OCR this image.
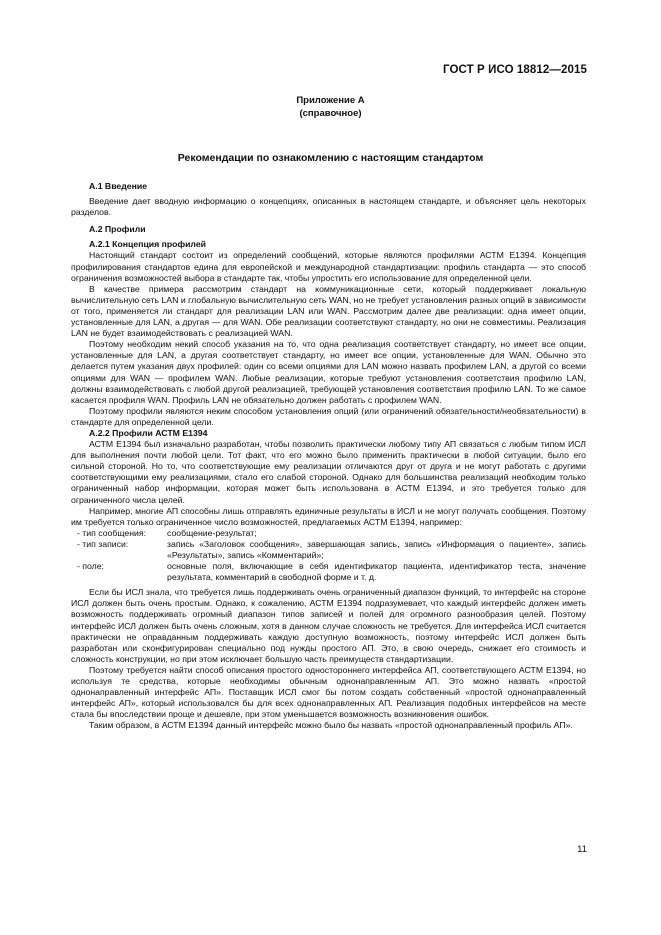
ГОСТ Р ИСО 18812—2015
Приложение А
(справочное)
Рекомендации по ознакомлению с настоящим стандартом

А.1 Введение

Введение дает вводную информацию о концепциях, описанных в настоящем стандарте, и объясняет цель некоторых разделов.

А.2 Профили

А.2.1 Концепция профилей

Настоящий стандарт состоит из определений сообщений, которые являются профилями АСТМ Е1394. Концепция профилирования стандартов едина для европейской и международной стандартизации: профиль стандарта — это способ ограничения возможностей выбора в стандарте так, чтобы упростить его использование для определенной цели.

В качестве примера рассмотрим стандарт на коммуникационные сети, который поддерживает локальную вычислительную сеть LAN и глобальную вычислительную сеть WAN, но не требует установления разных опций в зависимости от того, применяется ли стандарт для реализации LAN или WAN. Рассмотрим далее две реализации: одна имеет опции, установленные для LAN, а другая — для WAN. Обе реализации соответствуют стандарту, но они не совместимы. Реализация LAN не будет взаимодействовать с реализацией WAN.

Поэтому необходим некий способ указания на то, что одна реализация соответствует стандарту, но имеет все опции, установленные для LAN, а другая соответствует стандарту, но имеет все опции, установленные для WAN. Обычно это делается путем указания двух профилей: один со всеми опциями для LAN можно назвать профилем LAN, а другой со всеми опциями для WAN — профилем WAN. Любые реализации, которые требуют установления соответствия профилю LAN, должны взаимодействовать с любой другой реализацией, требующей установления соответствия профилю LAN. То же самое касается профиля WAN. Профиль LAN не обязательно должен работать с профилем WAN.

Поэтому профили являются неким способом установления опций (или ограничений обязательности/необязательности) в стандарте для определенной цели.

А.2.2 Профили АСТМ Е1394

АСТМ Е1394 был изначально разработан, чтобы позволить практически любому типу АП связаться с любым типом ИСЛ для выполнения почти любой цели. Тот факт, что его можно было применить практически в любой ситуации, было его сильной стороной. Но то, что соответствующие ему реализации отличаются друг от друга и не могут работать с другими соответствующими ему реализациями, стало его слабой стороной. Однако для большинства реализаций необходим только ограниченный набор информации, которая может быть использована в АСТМ Е1394, и это требуется только для ограниченного числа целей.

Например, многие АП способны лишь отправлять единичные результаты в ИСЛ и не могут получать сообщения. Поэтому им требуется только ограниченное число возможностей, предлагаемых АСТМ Е1394, например:

- тип сообщения:	сообщение-результат;
- тип записи:	запись «Заголовок сообщения», завершающая запись, запись «Информация о пациенте», запись «Результаты», запись «Комментарий»;
- поле:	основные поля, включающие в себя идентификатор пациента, идентификатор теста, значение результата, комментарий в свободной форме и т. д.

Если бы ИСЛ знала, что требуется лишь поддерживать очень ограниченный диапазон функций, то интерфейс на стороне ИСЛ должен быть очень простым. Однако, к сожалению, АСТМ Е1394 подразумевает, что каждый интерфейс должен иметь возможность поддерживать огромный диапазон типов записей и полей для огромного разнообразия целей. Поэтому интерфейс ИСЛ должен быть очень сложным, хотя в данном случае сложность не требуется. Для интерфейса ИСЛ считается практически не оправданным поддерживать каждую доступную возможность, поэтому интерфейс ИСЛ должен быть разработан или сконфигурирован специально под нужды простого АП. Это, в свою очередь, снижает его стоимость и сложность конструкции, но при этом исключает большую часть преимуществ стандартизации.

Поэтому требуется найти способ описания простого одностороннего интерфейса АП, соответствующего АСТМ Е1394, но используя те средства, которые необходимы обычным однонаправленным АП. Это можно назвать «простой однонаправленный интерфейс АП». Поставщик ИСЛ смог бы потом создать собственный «простой однонаправленный интерфейс АП», который использовался бы для всех однонаправленных АП. Реализация подобных интерфейсов на месте стала бы впоследствии проще и дешевле, при этом уменьшается возможность возникновения ошибок.

Таким образом, в АСТМ Е1394 данный интерфейс можно было бы назвать «простой однонаправленный профиль АП».

11
